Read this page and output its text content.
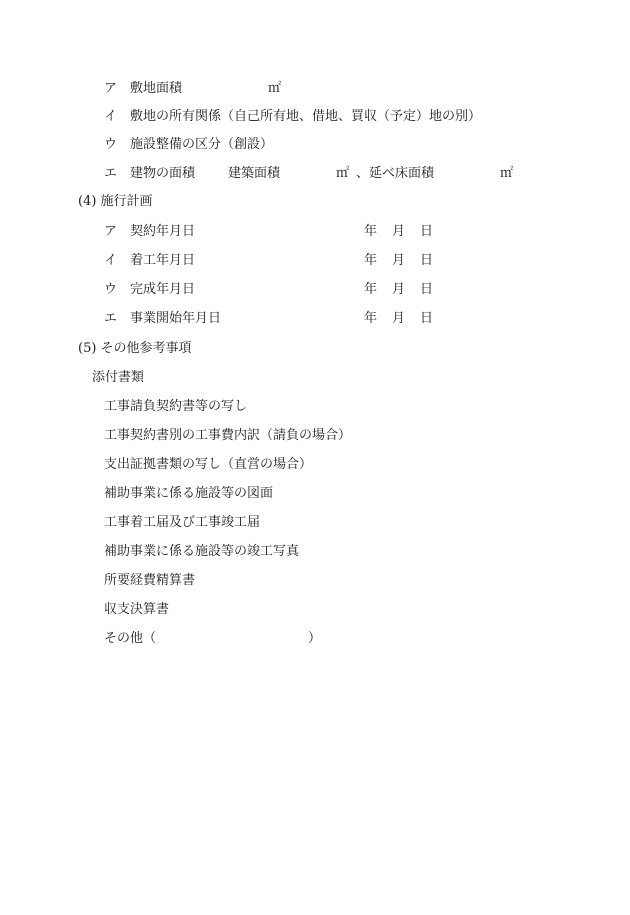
ア 敷地面積	㎡
イ 敷地の所有関係（自己所有地、借地、買収（予定）地の別）
ウ 施設整備の区分（創設）
エ 建物の面積	建築面積	㎡ 、延べ床面積	㎡
(4) 施行計画
ア 契約年月日	年 月 日
イ 着工年月日	年 月 日
ウ 完成年月日	年 月 日
エ 事業開始年月日	年 月 日
(5) その他参考事項
添付書類
工事請負契約書等の写し
工事契約書別の工事費内訳（請負の場合）
支出証拠書類の写し（直営の場合）
補助事業に係る施設等の図面
工事着工届及び工事竣工届
補助事業に係る施設等の竣工写真
所要経費精算書
収支決算書
その他（	）
